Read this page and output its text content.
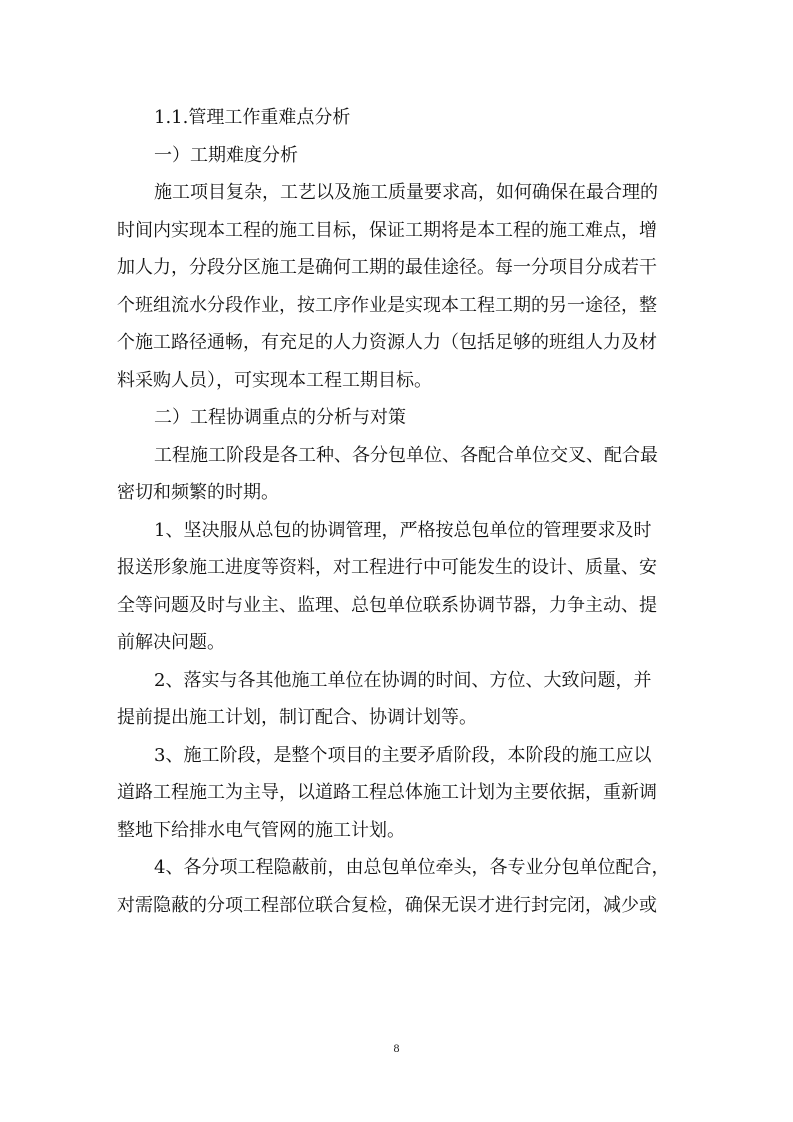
1.1.管理工作重难点分析
一）工期难度分析
施工项目复杂，工艺以及施工质量要求高，如何确保在最合理的
时间内实现本工程的施工目标，保证工期将是本工程的施工难点，增
加人力，分段分区施工是确何工期的最佳途径。每一分项目分成若干
个班组流水分段作业，按工序作业是实现本工程工期的另一途径，整
个施工路径通畅，有充足的人力资源人力（包括足够的班组人力及材
料采购人员），可实现本工程工期目标。
二）工程协调重点的分析与对策
工程施工阶段是各工种、各分包单位、各配合单位交叉、配合最
密切和频繁的时期。
1、坚决服从总包的协调管理，严格按总包单位的管理要求及时
报送形象施工进度等资料，对工程进行中可能发生的设计、质量、安
全等问题及时与业主、监理、总包单位联系协调节器，力争主动、提
前解决问题。
2、落实与各其他施工单位在协调的时间、方位、大致问题，并
提前提出施工计划，制订配合、协调计划等。
3、施工阶段，是整个项目的主要矛盾阶段，本阶段的施工应以
道路工程施工为主导，以道路工程总体施工计划为主要依据，重新调
整地下给排水电气管网的施工计划。
4、各分项工程隐蔽前，由总包单位牵头，各专业分包单位配合，
对需隐蔽的分项工程部位联合复检，确保无误才进行封完闭，减少或
8
